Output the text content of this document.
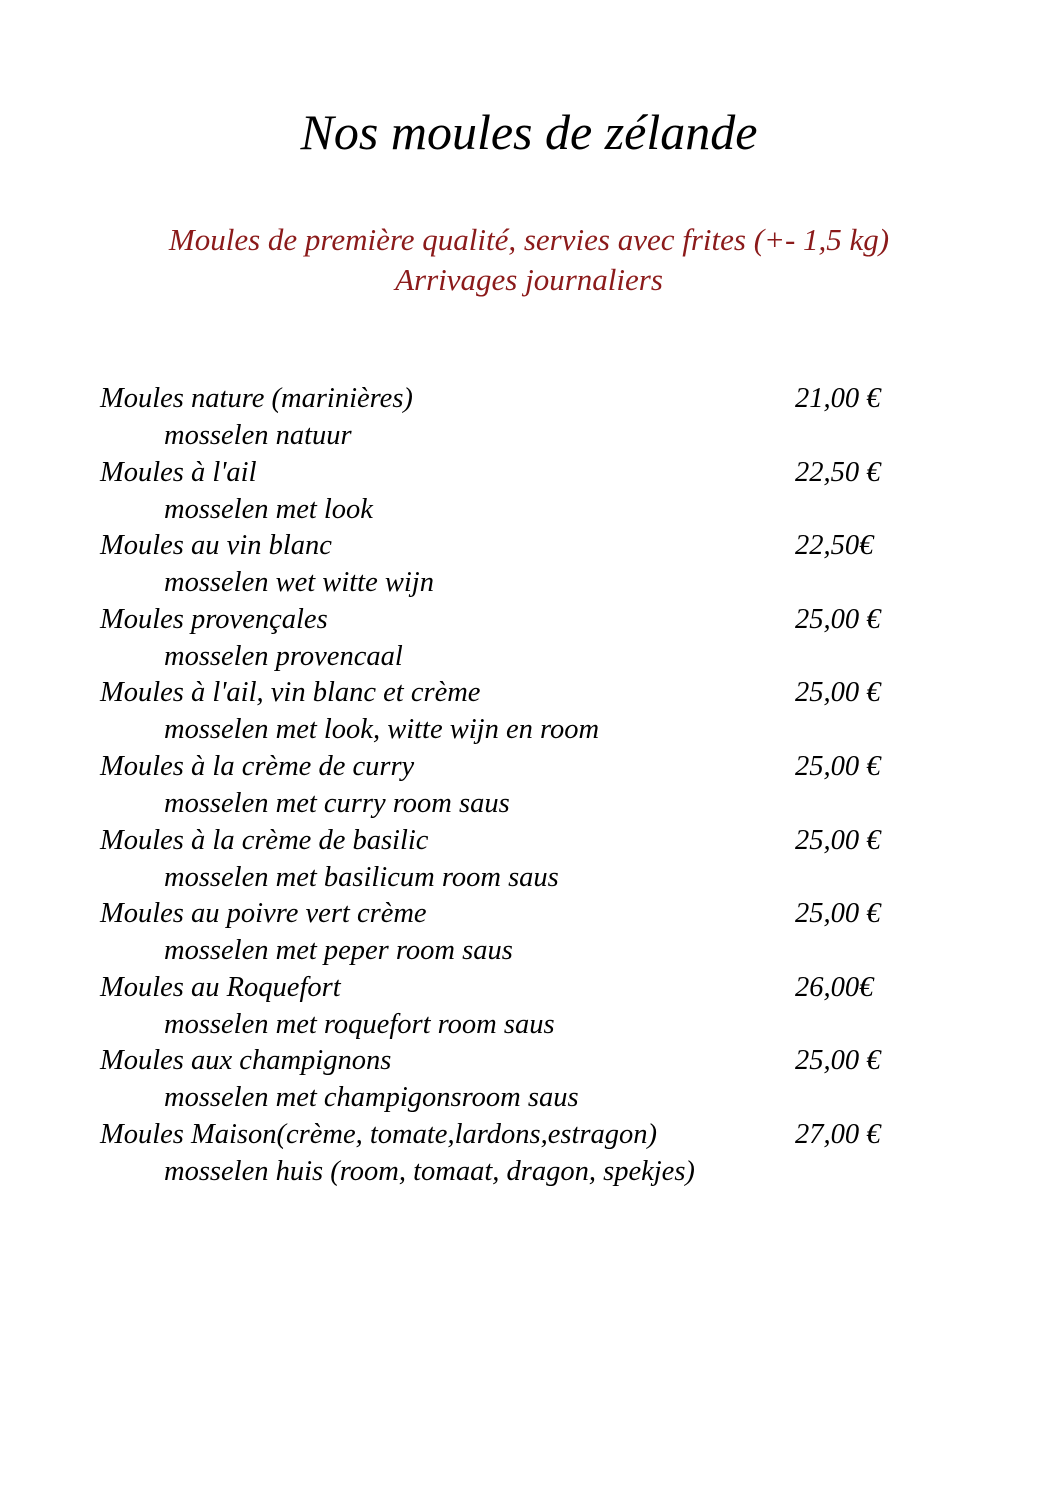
Nos moules de zélande
Moules de première qualité, servies avec frites (+- 1,5 kg)
Arrivages journaliers
Moules nature (marinières)	21,00 €
mosselen natuur
Moules à l'ail	22,50 €
mosselen met look
Moules au vin blanc	22,50€
mosselen wet witte wijn
Moules provençales	25,00 €
mosselen provencaal
Moules à l'ail, vin blanc et crème	25,00 €
mosselen met look, witte wijn en room
Moules à la crème de curry	25,00 €
mosselen met curry room saus
Moules à la crème de basilic	25,00 €
mosselen met basilicum room saus
Moules au poivre vert crème	25,00 €
mosselen met peper room saus
Moules au Roquefort	26,00€
mosselen met roquefort room saus
Moules aux champignons	25,00 €
mosselen met champigonsroom saus
Moules Maison(crème, tomate,lardons,estragon)	27,00 €
mosselen huis (room, tomaat, dragon, spekjes)
